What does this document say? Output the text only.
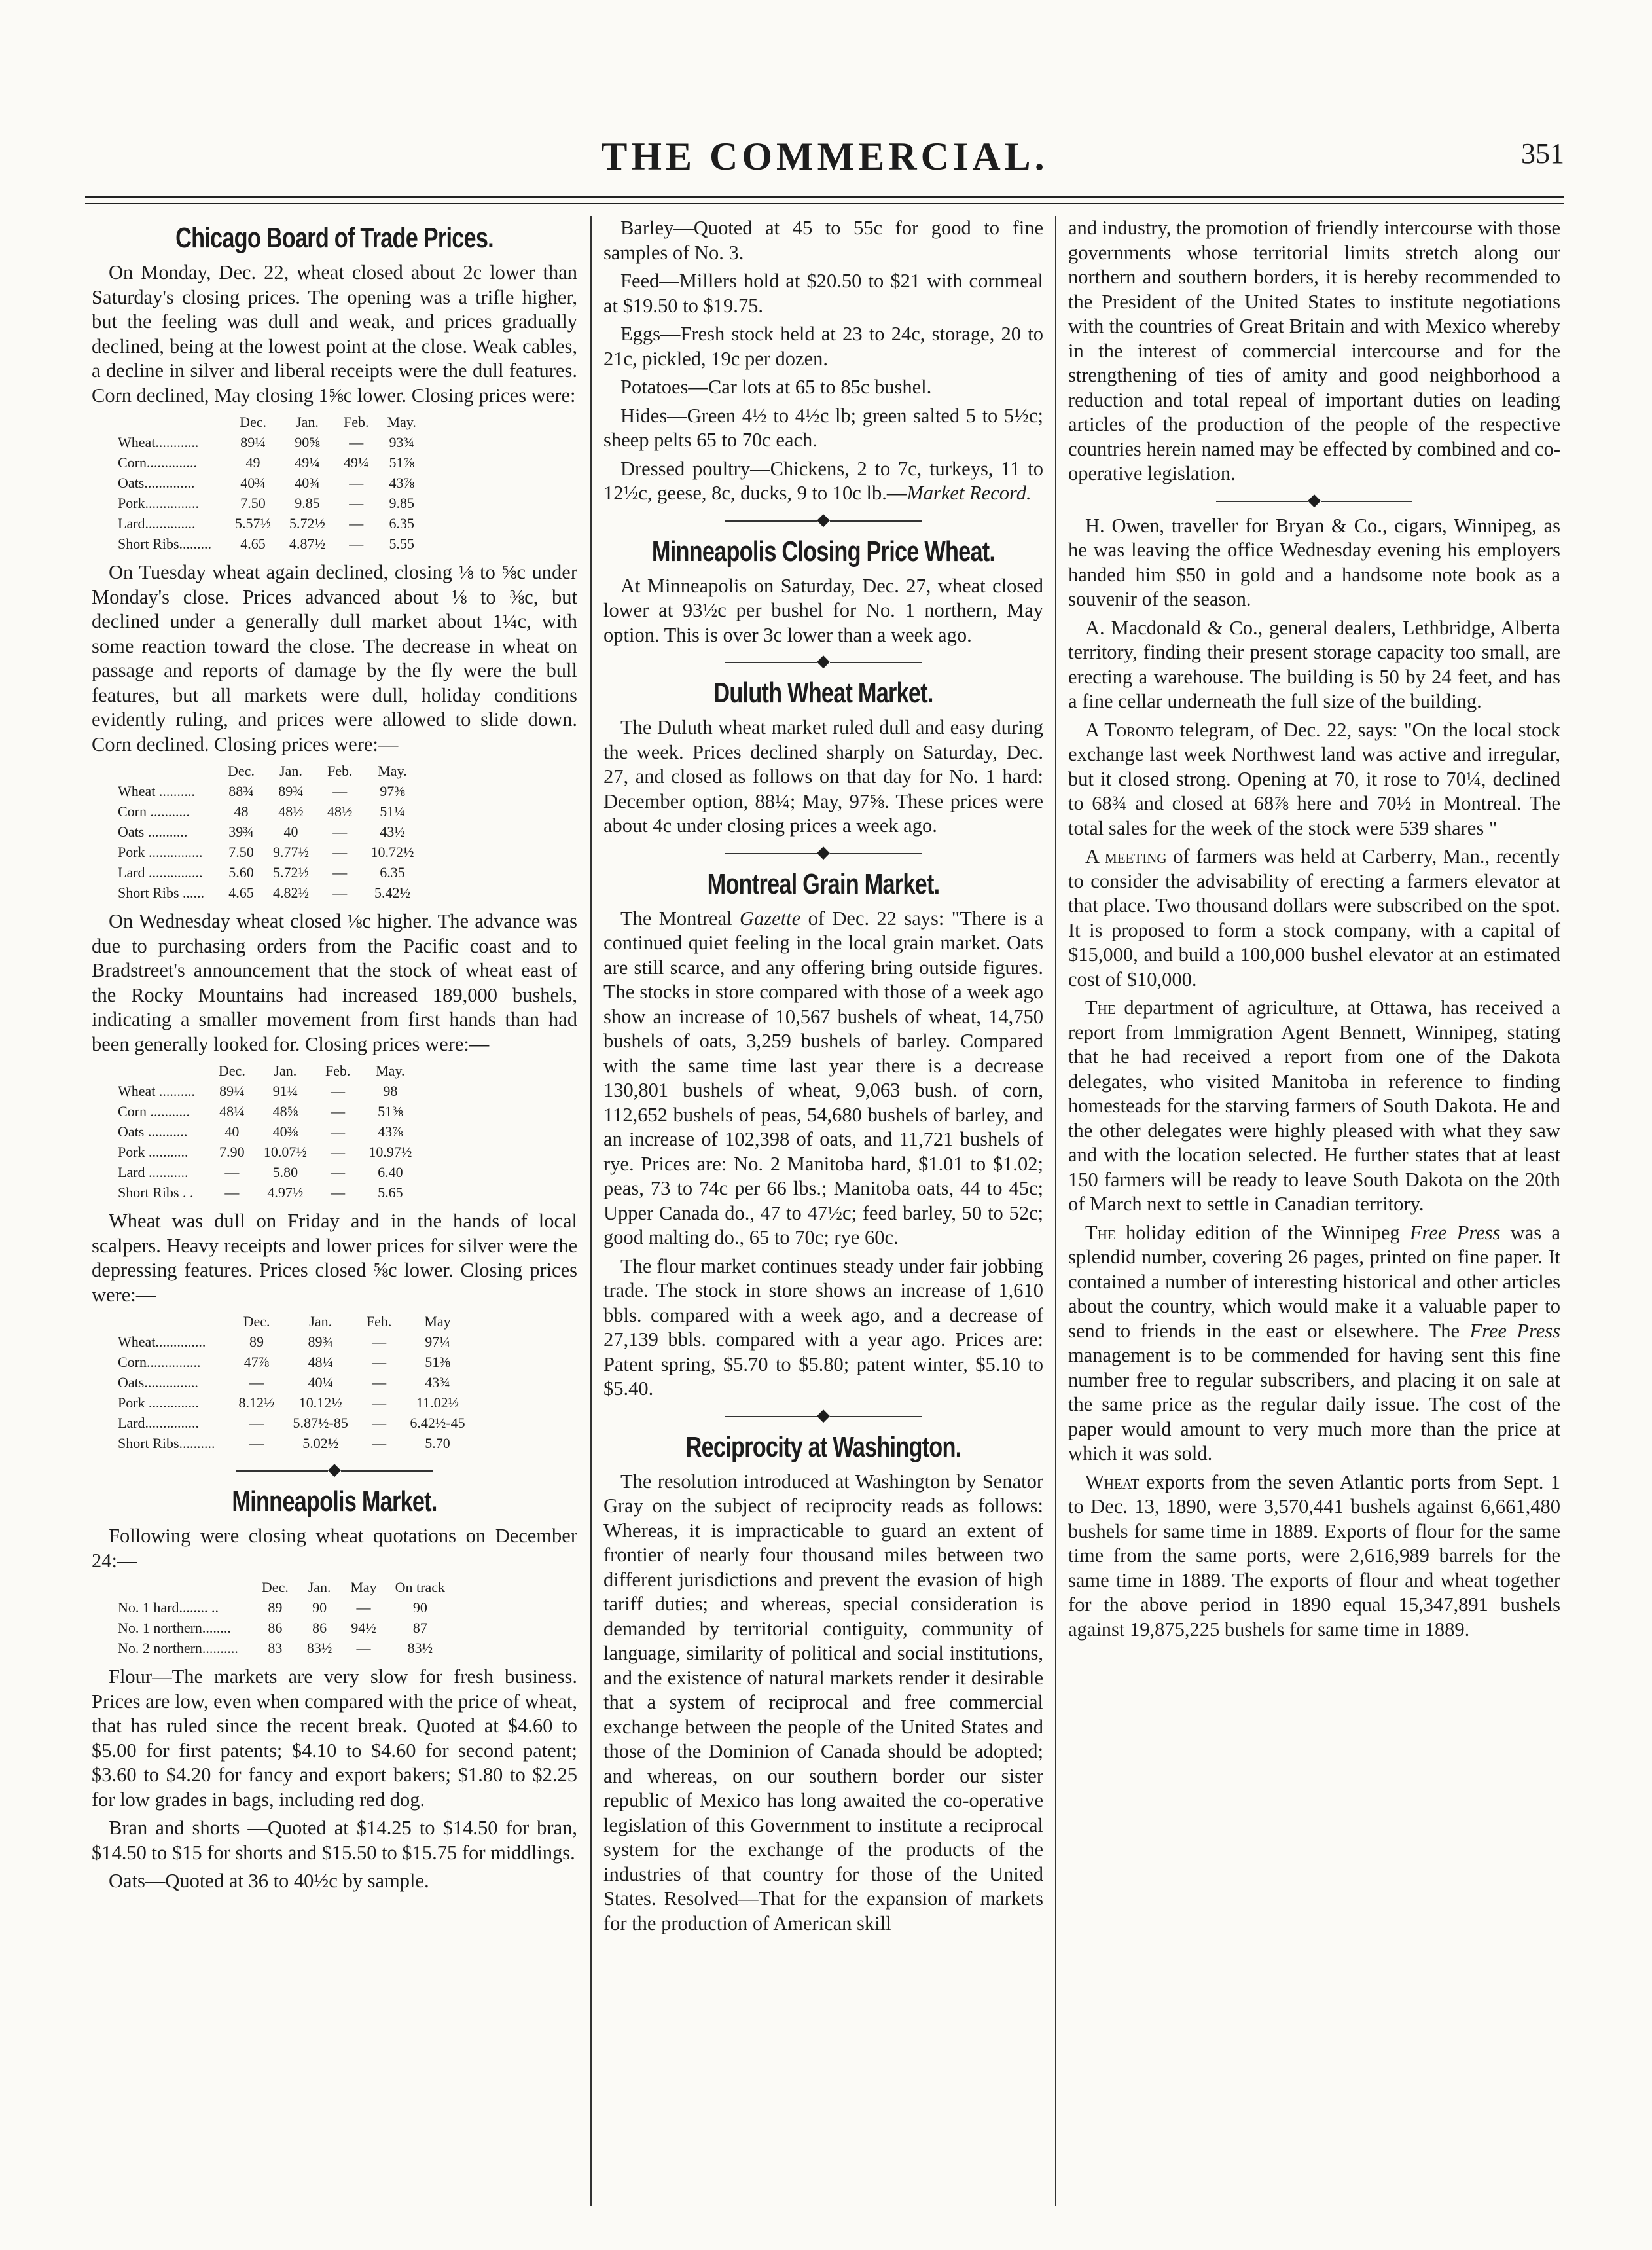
THE COMMERCIAL.	351
Chicago Board of Trade Prices.

On Monday, Dec. 22, wheat closed about 2c lower than Saturday's closing prices. The opening was a trifle higher, but the feeling was dull and weak, and prices gradually declined, being at the lowest point at the close. Weak cables, a decline in silver and liberal receipts were the dull features. Corn declined, May closing 1⅝c lower. Closing prices were:

	Dec.	Jan.	Feb.	May.
Wheat............	89¼	90⅝	—	93¾
Corn..............	49	49¼	49¼	51⅞
Oats..............	40¾	40¾	—	43⅞
Pork...............	7.50	9.85	—	9.85
Lard..............	5.57½	5.72½	—	6.35
Short Ribs.........	4.65	4.87½	—	5.55

On Tuesday wheat again declined, closing ⅛ to ⅝c under Monday's close. Prices advanced about ⅛ to ⅜c, but declined under a generally dull market about 1¼c, with some reaction toward the close. The decrease in wheat on passage and reports of damage by the fly were the bull features, but all markets were dull, holiday conditions evidently ruling, and prices were allowed to slide down. Corn declined. Closing prices were:—

	Dec.	Jan.	Feb.	May.
Wheat ..........	88¾	89¾	—	97⅜
Corn ...........	48	48½	48½	51¼
Oats ...........	39¾	40	—	43½
Pork ...............	7.50	9.77½	—	10.72½
Lard ...............	5.60	5.72½	—	6.35
Short Ribs ......	4.65	4.82½	—	5.42½

On Wednesday wheat closed ⅛c higher. The advance was due to purchasing orders from the Pacific coast and to Bradstreet's announcement that the stock of wheat east of the Rocky Mountains had increased 189,000 bushels, indicating a smaller movement from first hands than had been generally looked for. Closing prices were:—

	Dec.	Jan.	Feb.	May.
Wheat ..........	89¼	91¼	—	98
Corn ...........	48¼	48⅝	—	51⅜
Oats ...........	40	40⅜	—	43⅞
Pork ...........	7.90	10.07½	—	10.97½
Lard ...........	—	5.80	—	6.40
Short Ribs . .	—	4.97½	—	5.65

Wheat was dull on Friday and in the hands of local scalpers. Heavy receipts and lower prices for silver were the depressing features. Prices closed ⅝c lower. Closing prices were:—

	Dec.	Jan.	Feb.	May
Wheat..............	89	89¾	—	97¼
Corn...............	47⅞	48¼	—	51⅜
Oats...............	—	40¼	—	43¾
Pork ..............	8.12½	10.12½	—	11.02½
Lard...............	—	5.87½-85	—	6.42½-45
Short Ribs..........	—	5.02½	—	5.70
◆
Minneapolis Market.

Following were closing wheat quotations on December 24:—

	Dec.	Jan.	May	On track
No. 1 hard........ ..	89	90	—	90
No. 1 northern........	86	86	94½	87
No. 2 northern..........	83	83½	—	83½

Flour—The markets are very slow for fresh business. Prices are low, even when compared with the price of wheat, that has ruled since the recent break. Quoted at $4.60 to $5.00 for first patents; $4.10 to $4.60 for second patent; $3.60 to $4.20 for fancy and export bakers; $1.80 to $2.25 for low grades in bags, including red dog.

Bran and shorts —Quoted at $14.25 to $14.50 for bran, $14.50 to $15 for shorts and $15.50 to $15.75 for middlings.

Oats—Quoted at 36 to 40½c by sample.

Barley—Quoted at 45 to 55c for good to fine samples of No. 3.

Feed—Millers hold at $20.50 to $21 with cornmeal at $19.50 to $19.75.

Eggs—Fresh stock held at 23 to 24c, storage, 20 to 21c, pickled, 19c per dozen.

Potatoes—Car lots at 65 to 85c bushel.

Hides—Green 4½ to 4½c lb; green salted 5 to 5½c; sheep pelts 65 to 70c each.

Dressed poultry—Chickens, 2 to 7c, turkeys, 11 to 12½c, geese, 8c, ducks, 9 to 10c lb.—Market Record.

◆
Minneapolis Closing Price Wheat.

At Minneapolis on Saturday, Dec. 27, wheat closed lower at 93½c per bushel for No. 1 northern, May option. This is over 3c lower than a week ago.

◆
Duluth Wheat Market.

The Duluth wheat market ruled dull and easy during the week. Prices declined sharply on Saturday, Dec. 27, and closed as follows on that day for No. 1 hard: December option, 88¼; May, 97⅝. These prices were about 4c under closing prices a week ago.

◆
Montreal Grain Market.

The Montreal Gazette of Dec. 22 says: "There is a continued quiet feeling in the local grain market. Oats are still scarce, and any offering bring outside figures. The stocks in store compared with those of a week ago show an increase of 10,567 bushels of wheat, 14,750 bushels of oats, 3,259 bushels of barley. Compared with the same time last year there is a decrease 130,801 bushels of wheat, 9,063 bush. of corn, 112,652 bushels of peas, 54,680 bushels of barley, and an increase of 102,398 of oats, and 11,721 bushels of rye. Prices are: No. 2 Manitoba hard, $1.01 to $1.02; peas, 73 to 74c per 66 lbs.; Manitoba oats, 44 to 45c; Upper Canada do., 47 to 47½c; feed barley, 50 to 52c; good malting do., 65 to 70c; rye 60c.

The flour market continues steady under fair jobbing trade. The stock in store shows an increase of 1,610 bbls. compared with a week ago, and a decrease of 27,139 bbls. compared with a year ago. Prices are: Patent spring, $5.70 to $5.80; patent winter, $5.10 to $5.40.

◆
Reciprocity at Washington.

The resolution introduced at Washington by Senator Gray on the subject of reciprocity reads as follows: Whereas, it is impracticable to guard an extent of frontier of nearly four thousand miles between two different jurisdictions and prevent the evasion of high tariff duties; and whereas, special consideration is demanded by territorial contiguity, community of language, similarity of political and social institutions, and the existence of natural markets render it desirable that a system of reciprocal and free commercial exchange between the people of the United States and those of the Dominion of Canada should be adopted; and whereas, on our southern border our sister republic of Mexico has long awaited the co-operative legislation of this Government to institute a reciprocal system for the exchange of the products of the industries of that country for those of the United States. Resolved—That for the expansion of markets for the production of American skill

and industry, the promotion of friendly intercourse with those governments whose territorial limits stretch along our northern and southern borders, it is hereby recommended to the President of the United States to institute negotiations with the countries of Great Britain and with Mexico whereby in the interest of commercial intercourse and for the strengthening of ties of amity and good neighborhood a reduction and total repeal of important duties on leading articles of the production of the people of the respective countries herein named may be effected by combined and co-operative legislation.

◆

H. Owen, traveller for Bryan & Co., cigars, Winnipeg, as he was leaving the office Wednesday evening his employers handed him $50 in gold and a handsome note book as a souvenir of the season.

A. Macdonald & Co., general dealers, Lethbridge, Alberta territory, finding their present storage capacity too small, are erecting a warehouse. The building is 50 by 24 feet, and has a fine cellar underneath the full size of the building.

A Toronto telegram, of Dec. 22, says: "On the local stock exchange last week Northwest land was active and irregular, but it closed strong. Opening at 70, it rose to 70¼, declined to 68¾ and closed at 68⅞ here and 70½ in Montreal. The total sales for the week of the stock were 539 shares "

A meeting of farmers was held at Carberry, Man., recently to consider the advisability of erecting a farmers elevator at that place. Two thousand dollars were subscribed on the spot. It is proposed to form a stock company, with a capital of $15,000, and build a 100,000 bushel elevator at an estimated cost of $10,000.

The department of agriculture, at Ottawa, has received a report from Immigration Agent Bennett, Winnipeg, stating that he had received a report from one of the Dakota delegates, who visited Manitoba in reference to finding homesteads for the starving farmers of South Dakota. He and the other delegates were highly pleased with what they saw and with the location selected. He further states that at least 150 farmers will be ready to leave South Dakota on the 20th of March next to settle in Canadian territory.

The holiday edition of the Winnipeg Free Press was a splendid number, covering 26 pages, printed on fine paper. It contained a number of interesting historical and other articles about the country, which would make it a valuable paper to send to friends in the east or elsewhere. The Free Press management is to be commended for having sent this fine number free to regular subscribers, and placing it on sale at the same price as the regular daily issue. The cost of the paper would amount to very much more than the price at which it was sold.

Wheat exports from the seven Atlantic ports from Sept. 1 to Dec. 13, 1890, were 3,570,441 bushels against 6,661,480 bushels for same time in 1889. Exports of flour for the same time from the same ports, were 2,616,989 barrels for the same time in 1889. The exports of flour and wheat together for the above period in 1890 equal 15,347,891 bushels against 19,875,225 bushels for same time in 1889.
